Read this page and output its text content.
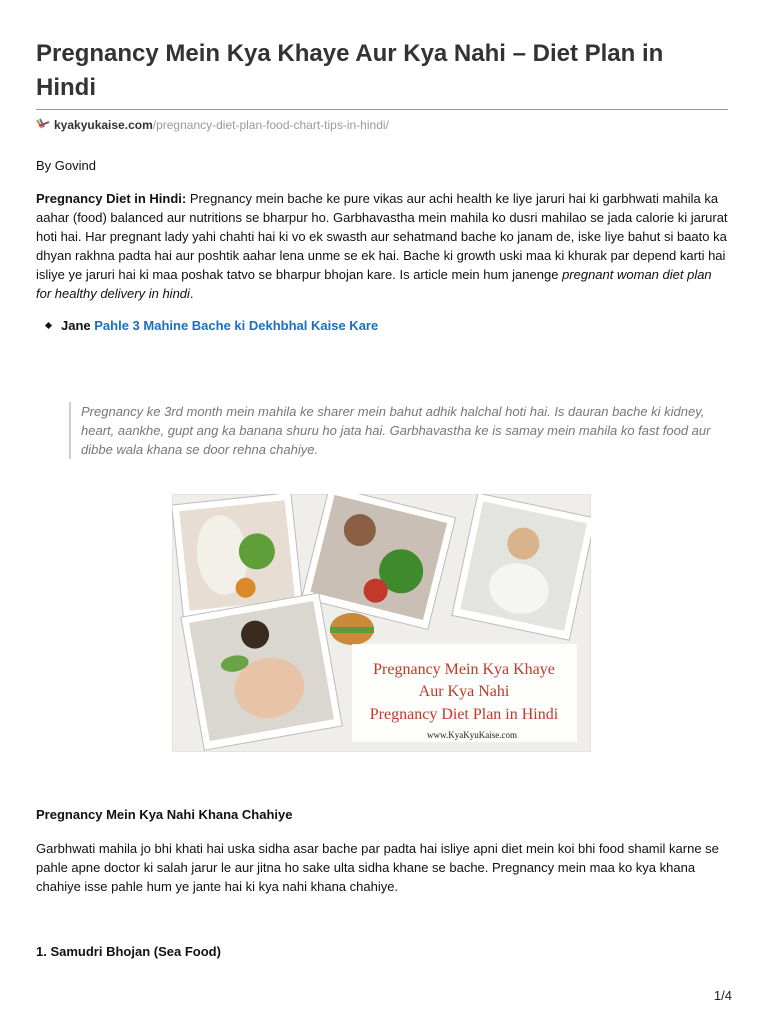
Pregnancy Mein Kya Khaye Aur Kya Nahi – Diet Plan in Hindi
kyakyukaise.com/pregnancy-diet-plan-food-chart-tips-in-hindi/
By Govind
Pregnancy Diet in Hindi: Pregnancy mein bache ke pure vikas aur achi health ke liye jaruri hai ki garbhwati mahila ka aahar (food) balanced aur nutritions se bharpur ho. Garbhavastha mein mahila ko dusri mahilao se jada calorie ki jarurat hoti hai. Har pregnant lady yahi chahti hai ki vo ek swasth aur sehatmand bache ko janam de, iske liye bahut si baato ka dhyan rakhna padta hai aur poshtik aahar lena unme se ek hai. Bache ki growth uski maa ki khurak par depend karti hai isliye ye jaruri hai ki maa poshak tatvo se bharpur bhojan kare. Is article mein hum janenge pregnant woman diet plan for healthy delivery in hindi.
Jane Pahle 3 Mahine Bache ki Dekhbhal Kaise Kare
Pregnancy ke 3rd month mein mahila ke sharer mein bahut adhik halchal hoti hai. Is dauran bache ki kidney, heart, aankhe, gupt ang ka banana shuru ho jata hai. Garbhavastha ke is samay mein mahila ko fast food aur dibbe wala khana se door rehna chahiye.
Pregnancy Mein Kya Khaye
Aur Kya Nahi
Pregnancy Diet Plan in Hindi
www.KyaKyuKaise.com
Pregnancy Mein Kya Nahi Khana Chahiye
Garbhwati mahila jo bhi khati hai uska sidha asar bache par padta hai isliye apni diet mein koi bhi food shamil karne se pahle apne doctor ki salah jarur le aur jitna ho sake ulta sidha khane se bache. Pregnancy mein maa ko kya khana chahiye isse pahle hum ye jante hai ki kya nahi khana chahiye.
1. Samudri Bhojan (Sea Food)
1/4
